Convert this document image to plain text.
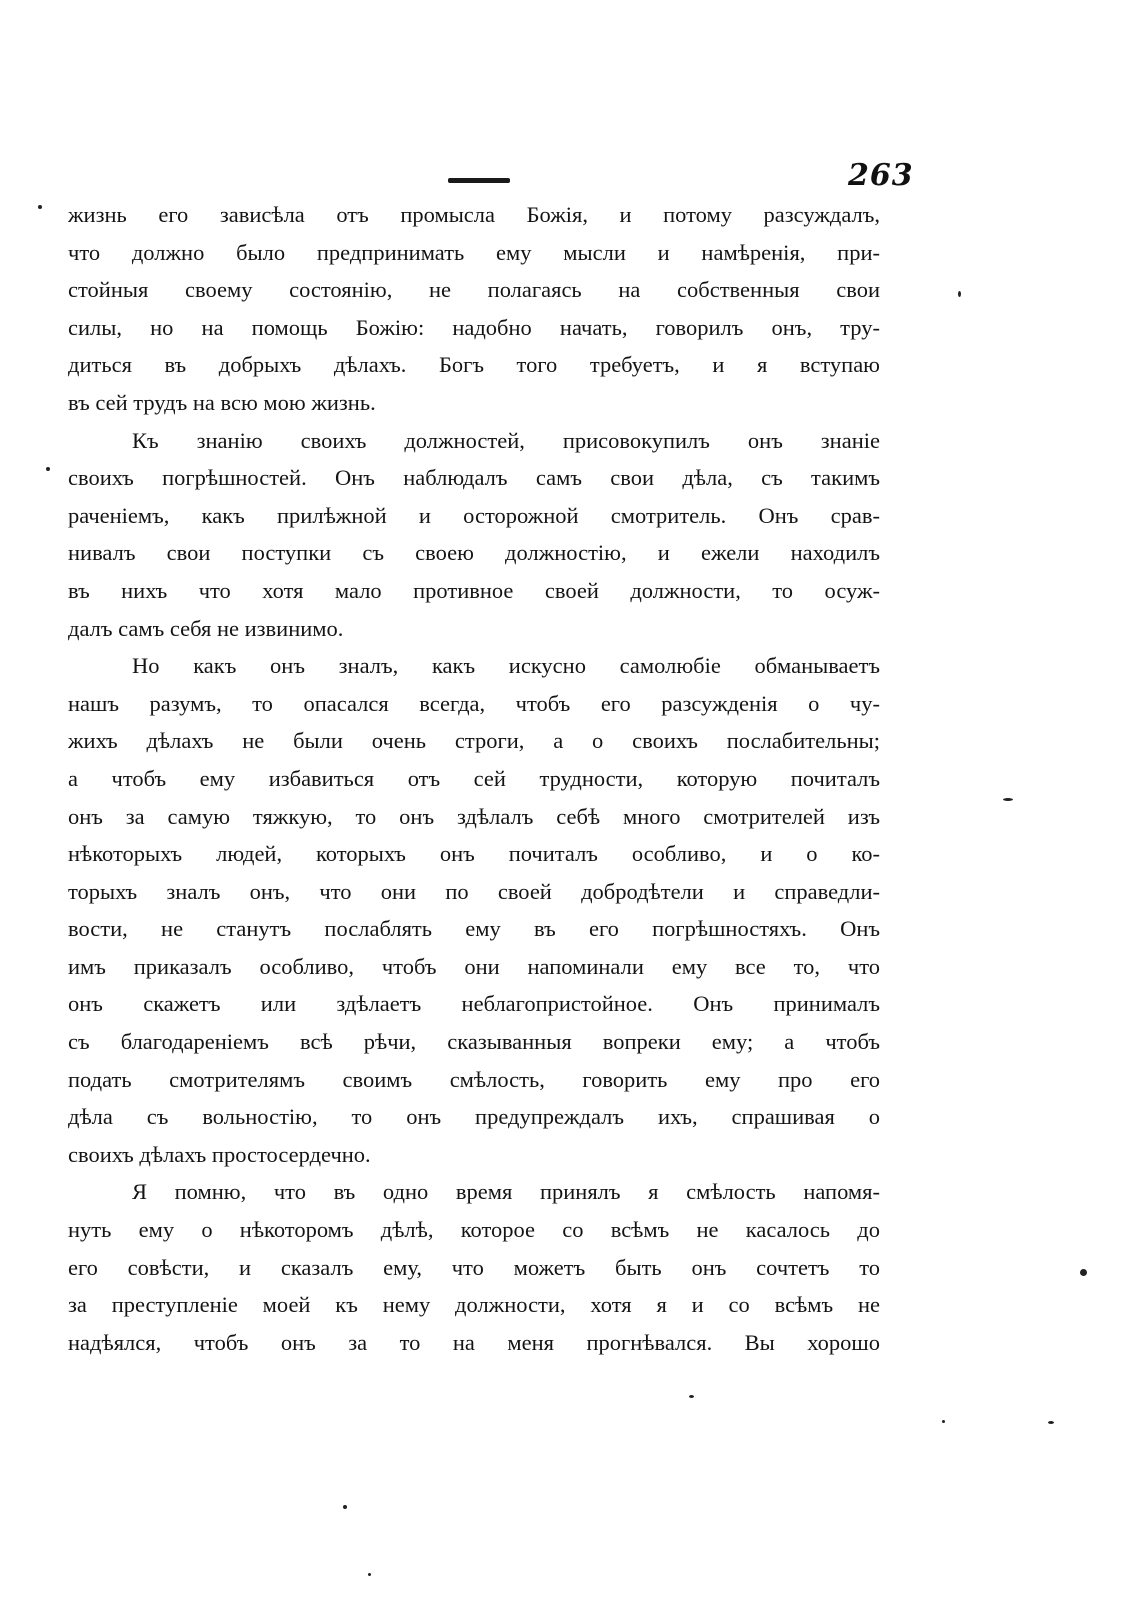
263
жизнь его зависѣла отъ промысла Божія, и потому разсуждалъ,
что должно было предпринимать ему мысли и намѣренія, при-
стойныя своему состоянію, не полагаясь на собственныя свои
силы, но на помощь Божію: надобно начать, говорилъ онъ, тру-
диться въ добрыхъ дѣлахъ. Богъ того требуетъ, и я вступаю
въ сей трудъ на всю мою жизнь.
Къ знанію своихъ должностей, присовокупилъ онъ знаніе
своихъ погрѣшностей. Онъ наблюдалъ самъ свои дѣла, съ такимъ
раченіемъ, какъ прилѣжной и осторожной смотритель. Онъ срав-
нивалъ свои поступки съ своею должностію, и ежели находилъ
въ нихъ что хотя мало противное своей должности, то осуж-
далъ самъ себя не извинимо.
Но какъ онъ зналъ, какъ искусно самолюбіе обманываетъ
нашъ разумъ, то опасался всегда, чтобъ его разсужденія о чу-
жихъ дѣлахъ не были очень строги, а о своихъ послабительны;
а чтобъ ему избавиться отъ сей трудности, которую почиталъ
онъ за самую тяжкую, то онъ здѣлалъ себѣ много смотрителей изъ
нѣкоторыхъ людей, которыхъ онъ почиталъ особливо, и о ко-
торыхъ зналъ онъ, что они по своей добродѣтели и справедли-
вости, не станутъ послаблять ему въ его погрѣшностяхъ. Онъ
имъ приказалъ особливо, чтобъ они напоминали ему все то, что
онъ скажетъ или здѣлаетъ неблагопристойное. Онъ принималъ
съ благодареніемъ всѣ рѣчи, сказыванныя вопреки ему; а чтобъ
подать смотрителямъ своимъ смѣлость, говорить ему про его
дѣла съ вольностію, то онъ предупреждалъ ихъ, спрашивая о
своихъ дѣлахъ простосердечно.
Я помню, что въ одно время принялъ я смѣлость напомя-
нуть ему о нѣкоторомъ дѣлѣ, которое со всѣмъ не касалось до
его совѣсти, и сказалъ ему, что можетъ быть онъ сочтетъ то
за преступленіе моей къ нему должности, хотя я и со всѣмъ не
надѣялся, чтобъ онъ за то на меня прогнѣвался. Вы хорошо
